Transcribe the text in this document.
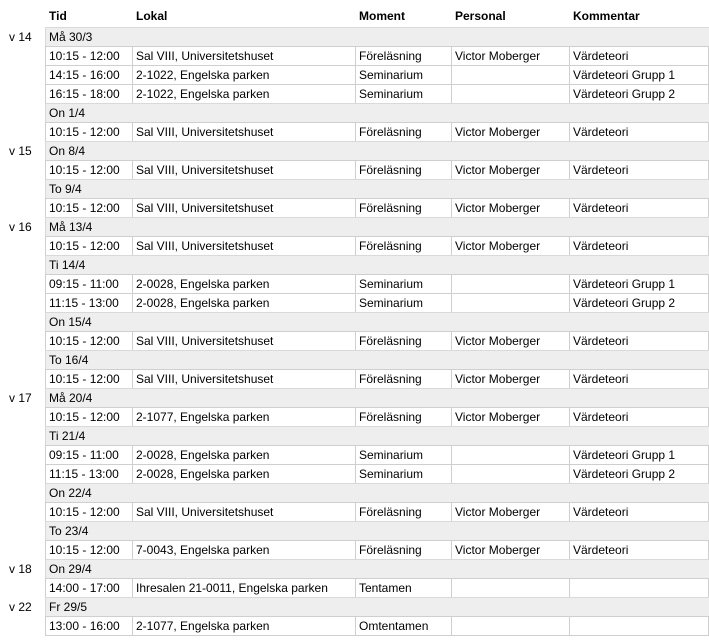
	Tid	Lokal	Moment	Personal	Kommentar
v 14	Må 30/3				
	10:15 - 12:00	Sal VIII, Universitetshuset	Föreläsning	Victor Moberger	Värdeteori
	14:15 - 16:00	2-1022, Engelska parken	Seminarium		Värdeteori Grupp 1
	16:15 - 18:00	2-1022, Engelska parken	Seminarium		Värdeteori Grupp 2
	On 1/4				
	10:15 - 12:00	Sal VIII, Universitetshuset	Föreläsning	Victor Moberger	Värdeteori
v 15	On 8/4				
	10:15 - 12:00	Sal VIII, Universitetshuset	Föreläsning	Victor Moberger	Värdeteori
	To 9/4				
	10:15 - 12:00	Sal VIII, Universitetshuset	Föreläsning	Victor Moberger	Värdeteori
v 16	Må 13/4				
	10:15 - 12:00	Sal VIII, Universitetshuset	Föreläsning	Victor Moberger	Värdeteori
	Ti 14/4				
	09:15 - 11:00	2-0028, Engelska parken	Seminarium		Värdeteori Grupp 1
	11:15 - 13:00	2-0028, Engelska parken	Seminarium		Värdeteori Grupp 2
	On 15/4				
	10:15 - 12:00	Sal VIII, Universitetshuset	Föreläsning	Victor Moberger	Värdeteori
	To 16/4				
	10:15 - 12:00	Sal VIII, Universitetshuset	Föreläsning	Victor Moberger	Värdeteori
v 17	Må 20/4				
	10:15 - 12:00	2-1077, Engelska parken	Föreläsning	Victor Moberger	Värdeteori
	Ti 21/4				
	09:15 - 11:00	2-0028, Engelska parken	Seminarium		Värdeteori Grupp 1
	11:15 - 13:00	2-0028, Engelska parken	Seminarium		Värdeteori Grupp 2
	On 22/4				
	10:15 - 12:00	Sal VIII, Universitetshuset	Föreläsning	Victor Moberger	Värdeteori
	To 23/4				
	10:15 - 12:00	7-0043, Engelska parken	Föreläsning	Victor Moberger	Värdeteori
v 18	On 29/4				
	14:00 - 17:00	Ihresalen 21-0011, Engelska parken	Tentamen		
v 22	Fr 29/5				
	13:00 - 16:00	2-1077, Engelska parken	Omtentamen		
